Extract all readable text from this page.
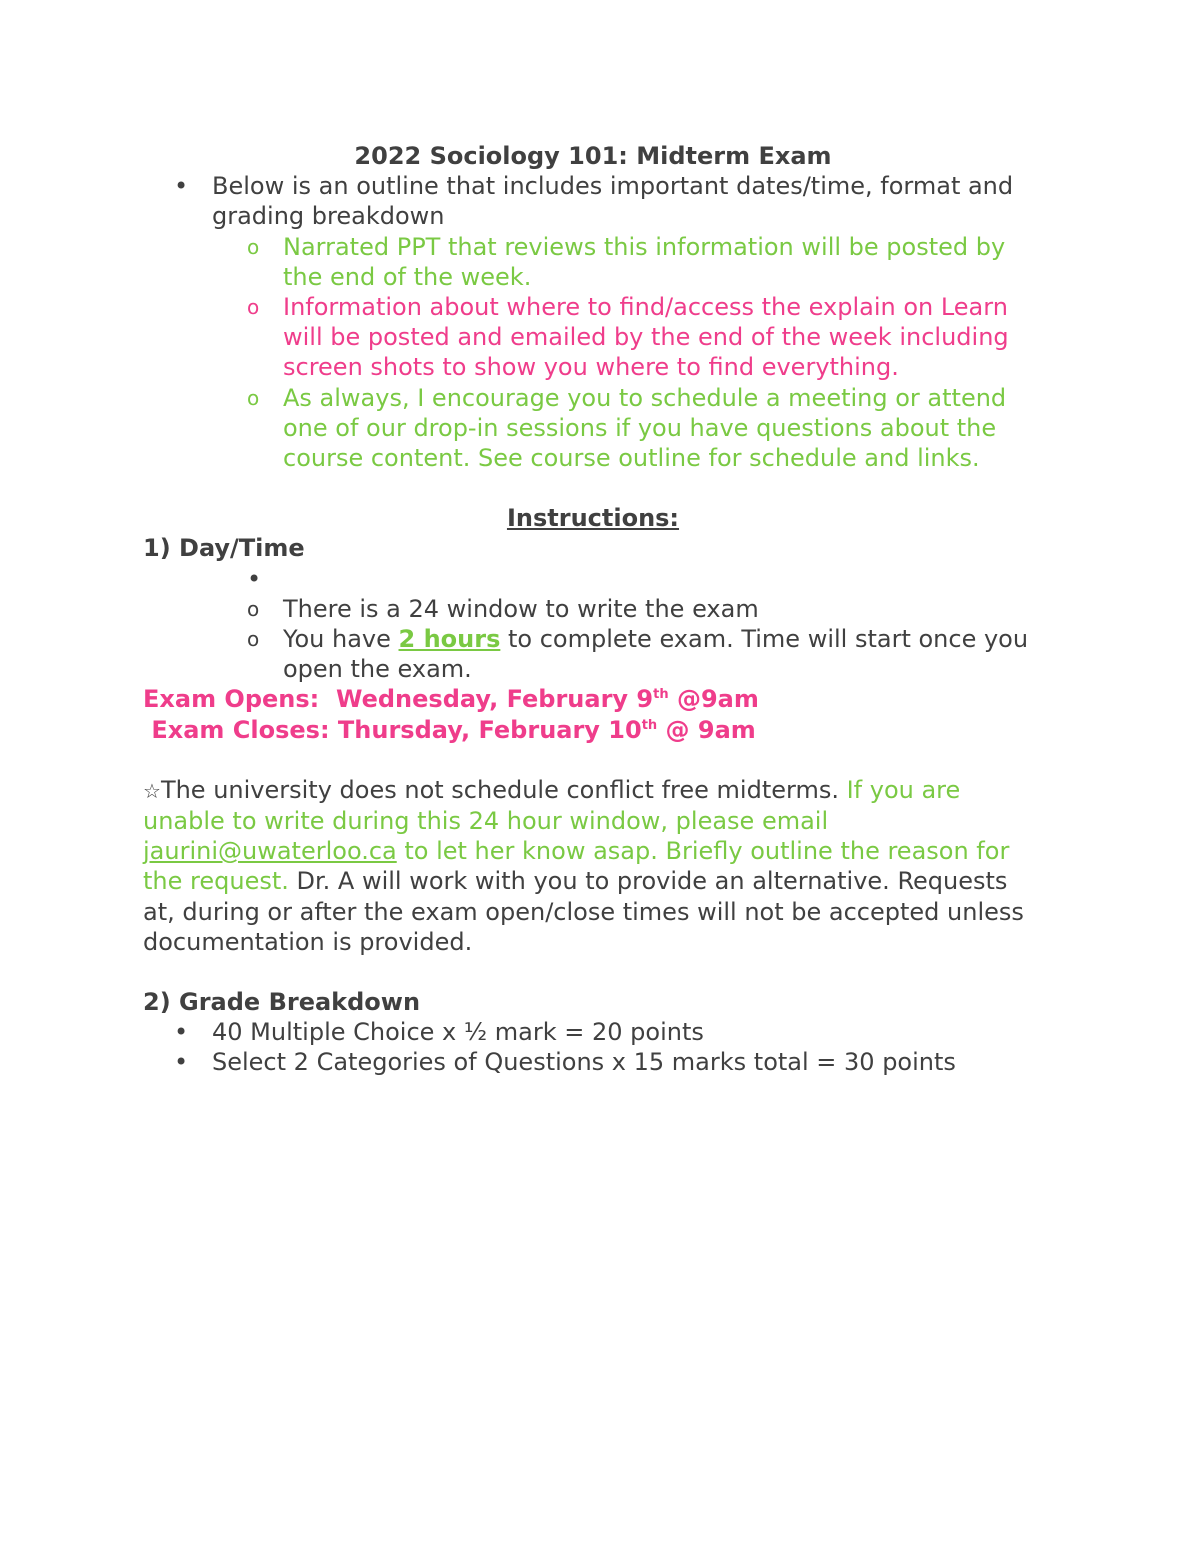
2022 Sociology 101: Midterm Exam
• Below is an outline that includes important dates/time, format and grading breakdown
o Narrated PPT that reviews this information will be posted by the end of the week.
o Information about where to find/access the explain on Learn will be posted and emailed by the end of the week including screen shots to show you where to find everything.
o As always, I encourage you to schedule a meeting or attend one of our drop-in sessions if you have questions about the course content. See course outline for schedule and links.
Instructions:
1) Day/Time
•

o There is a 24 window to write the exam
o You have 2 hours to complete exam. Time will start once you open the exam.
Exam Opens:  Wednesday, February 9th @9am
Exam Closes: Thursday, February 10th @ 9am
☆The university does not schedule conflict free midterms. If you are unable to write during this 24 hour window, please email jaurini@uwaterloo.ca to let her know asap. Briefly outline the reason for the request. Dr. A will work with you to provide an alternative. Requests at, during or after the exam open/close times will not be accepted unless documentation is provided.
2) Grade Breakdown
• 40 Multiple Choice x ½ mark = 20 points
• Select 2 Categories of Questions x 15 marks total = 30 points
